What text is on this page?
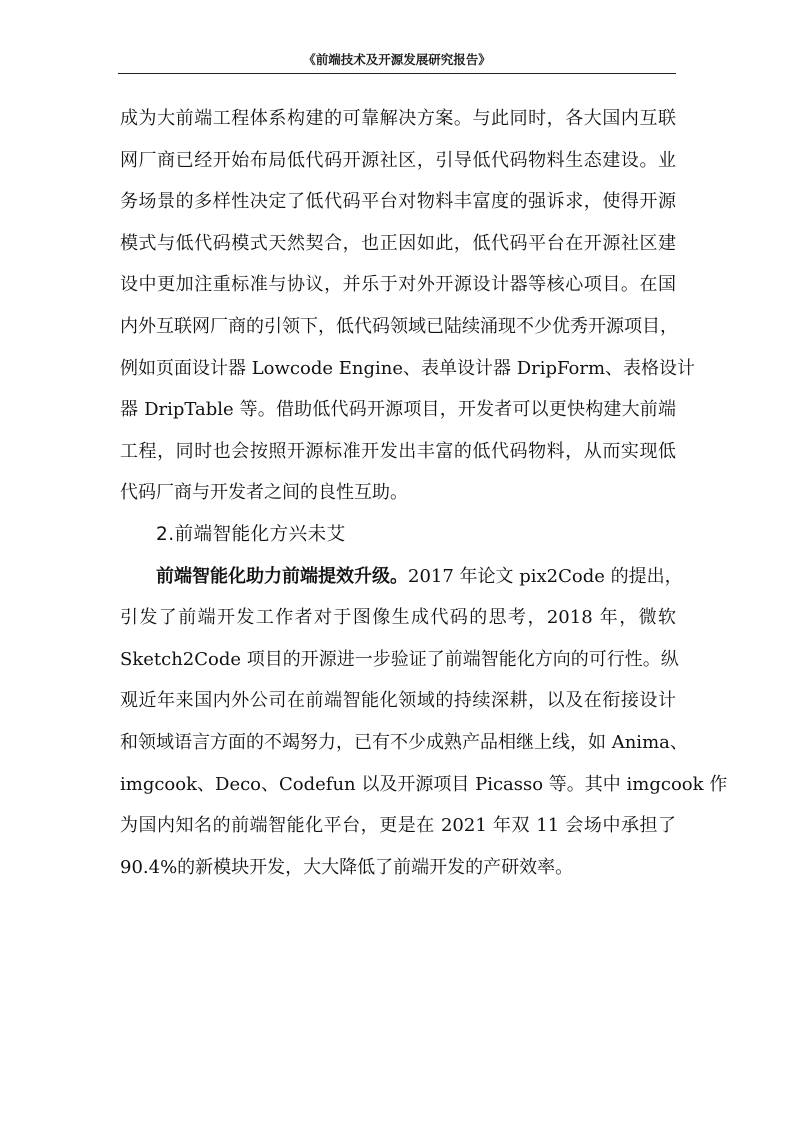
《前端技术及开源发展研究报告》
成为大前端工程体系构建的可靠解决方案。与此同时，各大国内互联
网厂商已经开始布局低代码开源社区，引导低代码物料生态建设。业
务场景的多样性决定了低代码平台对物料丰富度的强诉求，使得开源
模式与低代码模式天然契合，也正因如此，低代码平台在开源社区建
设中更加注重标准与协议，并乐于对外开源设计器等核心项目。在国
内外互联网厂商的引领下，低代码领域已陆续涌现不少优秀开源项目，
例如页面设计器 Lowcode Engine、表单设计器 DripForm、表格设计
器 DripTable 等。借助低代码开源项目，开发者可以更快构建大前端
工程，同时也会按照开源标准开发出丰富的低代码物料，从而实现低
代码厂商与开发者之间的良性互助。
2.前端智能化方兴未艾
前端智能化助力前端提效升级。2017 年论文 pix2Code 的提出，
引发了前端开发工作者对于图像生成代码的思考，2018 年，微软
Sketch2Code 项目的开源进一步验证了前端智能化方向的可行性。纵
观近年来国内外公司在前端智能化领域的持续深耕，以及在衔接设计
和领域语言方面的不竭努力，已有不少成熟产品相继上线，如 Anima、
imgcook、Deco、Codefun 以及开源项目 Picasso 等。其中 imgcook 作
为国内知名的前端智能化平台，更是在 2021 年双 11 会场中承担了
90.4%的新模块开发，大大降低了前端开发的产研效率。
